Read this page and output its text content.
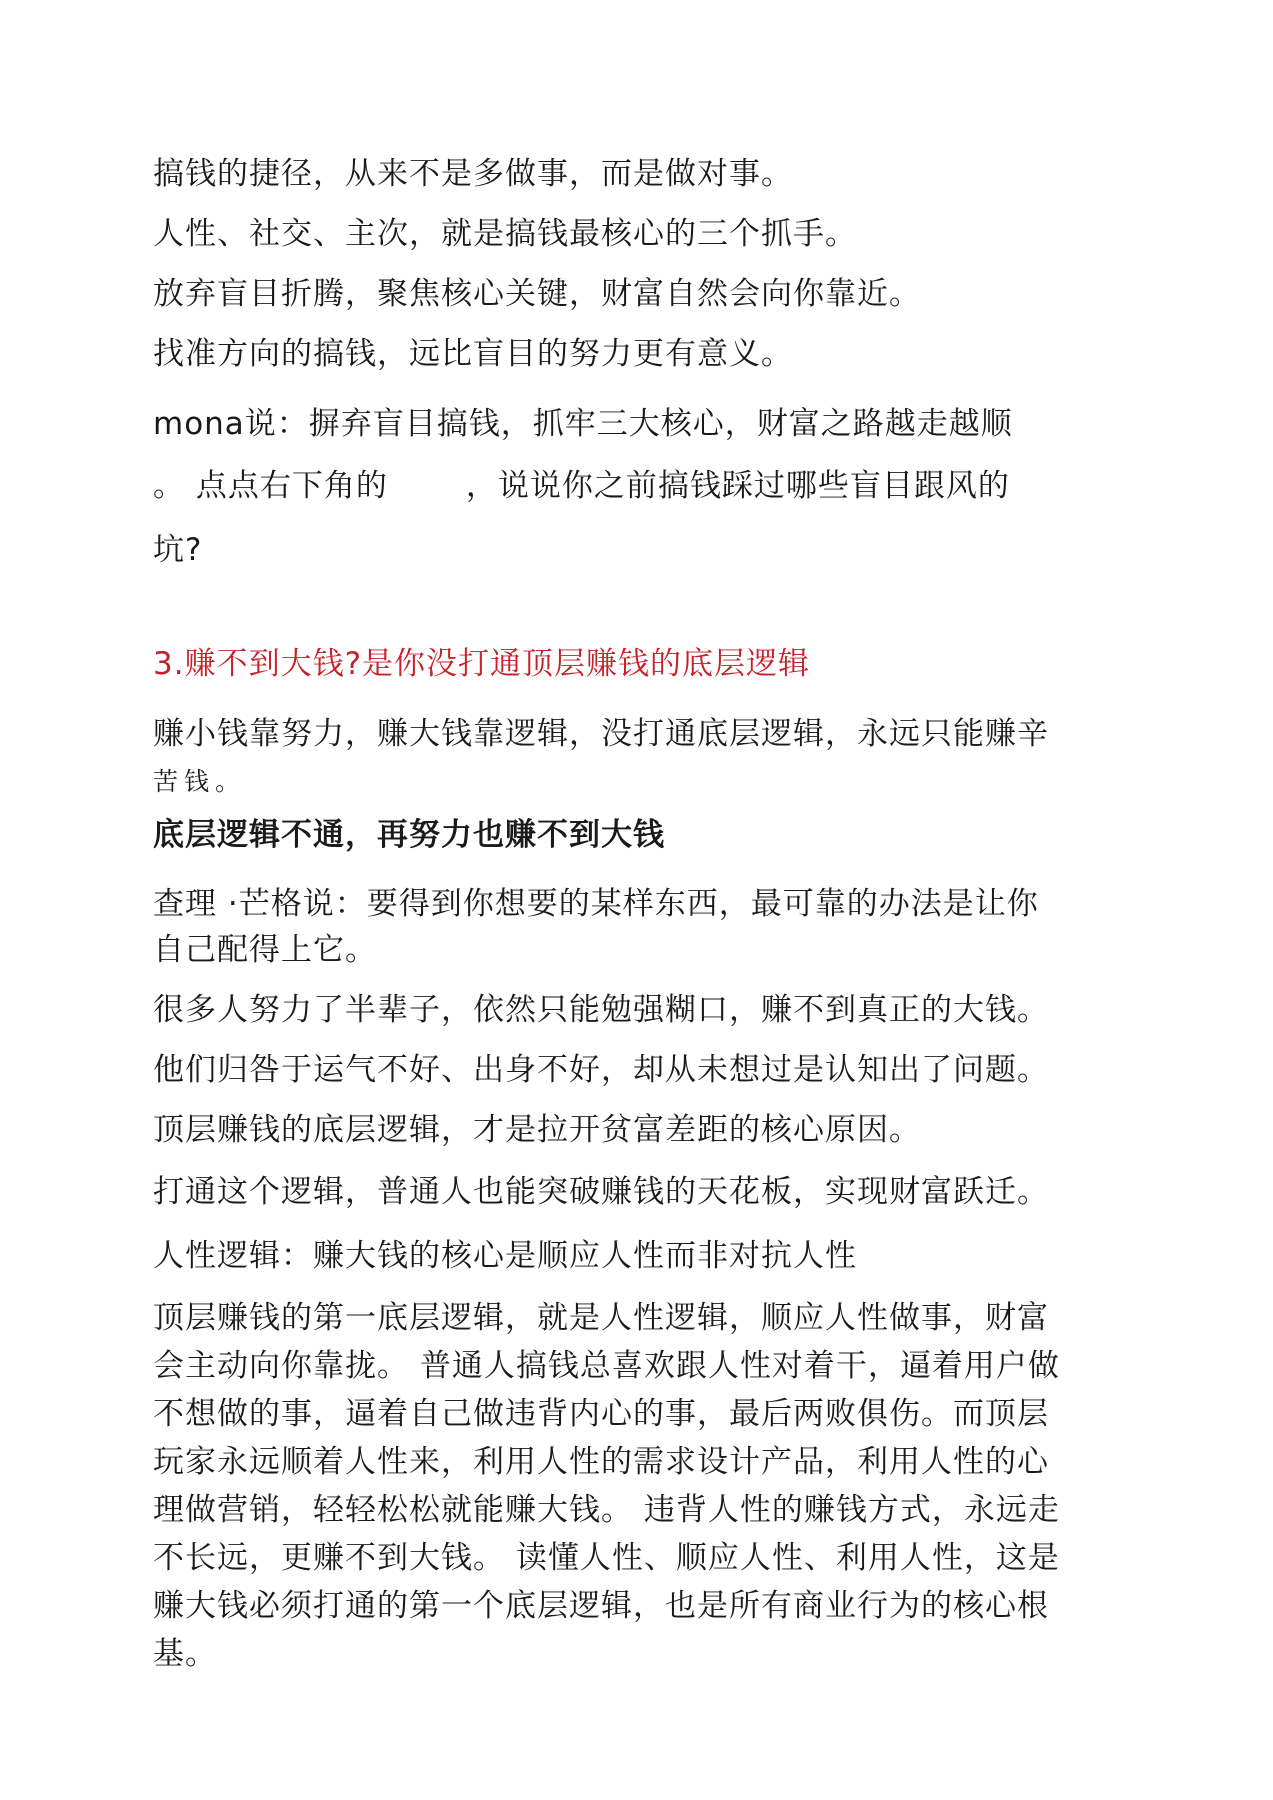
搞钱的捷径，从来不是多做事，而是做对事。
人性、社交、主次，就是搞钱最核心的三个抓手。
放弃盲目折腾，聚焦核心关键，财富自然会向你靠近。
找准方向的搞钱，远比盲目的努力更有意义。
mona说：摒弃盲目搞钱，抓牢三大核心，财富之路越走越顺
。 点点右下角的	，说说你之前搞钱踩过哪些盲目跟风的
坑?
3.赚不到大钱?是你没打通顶层赚钱的底层逻辑
赚小钱靠努力，赚大钱靠逻辑，没打通底层逻辑，永远只能赚辛
苦钱。
底层逻辑不通，再努力也赚不到大钱
查理 ·芒格说：要得到你想要的某样东西，最可靠的办法是让你
自己配得上它。
很多人努力了半辈子，依然只能勉强糊口，赚不到真正的大钱。
他们归咎于运气不好、出身不好，却从未想过是认知出了问题。
顶层赚钱的底层逻辑，才是拉开贫富差距的核心原因。
打通这个逻辑，普通人也能突破赚钱的天花板，实现财富跃迁。
人性逻辑：赚大钱的核心是顺应人性而非对抗人性
顶层赚钱的第一底层逻辑，就是人性逻辑，顺应人性做事，财富
会主动向你靠拢。 普通人搞钱总喜欢跟人性对着干，逼着用户做
不想做的事，逼着自己做违背内心的事，最后两败俱伤。而顶层
玩家永远顺着人性来，利用人性的需求设计产品，利用人性的心
理做营销，轻轻松松就能赚大钱。 违背人性的赚钱方式，永远走
不长远，更赚不到大钱。 读懂人性、顺应人性、利用人性，这是
赚大钱必须打通的第一个底层逻辑，也是所有商业行为的核心根
基。
